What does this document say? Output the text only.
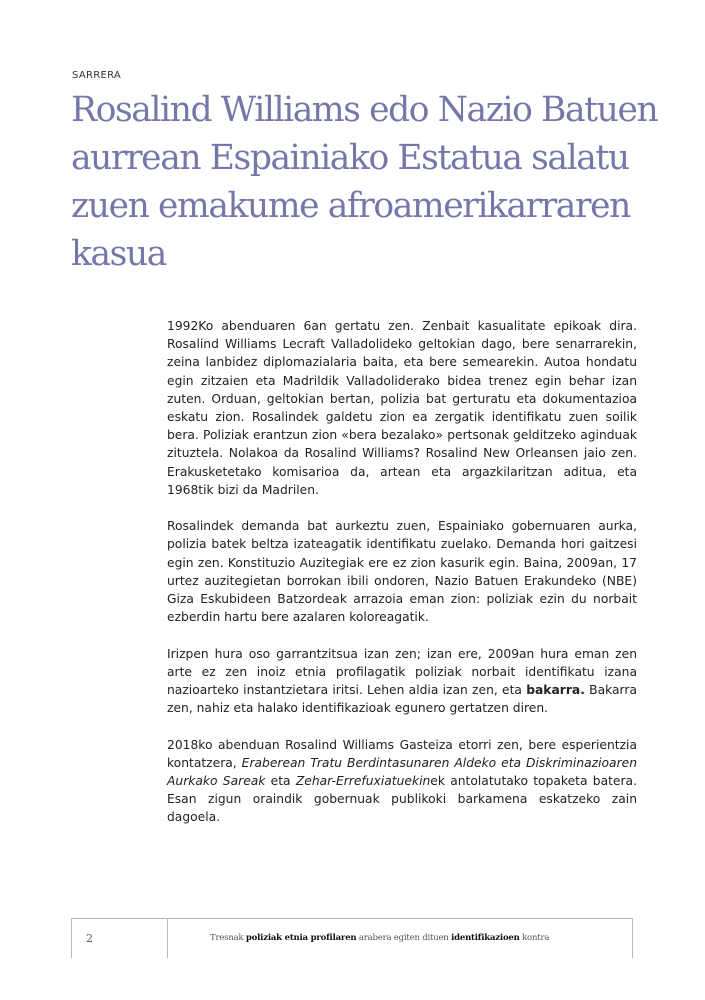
SARRERA
Rosalind Williams edo Nazio Batuen aurrean Espainiako Estatua salatu zuen emakume afroamerikarraren kasua

1992Ko abenduaren 6an gertatu zen. Zenbait kasualitate epikoak dira. Rosalind Williams Lecraft Valladolideko geltokian dago, bere senarrarekin, zeina lanbidez diplomazialaria baita, eta bere semearekin. Autoa hondatu egin zitzaien eta Madrildik Valladoliderako bidea trenez egin behar izan zuten. Orduan, geltokian bertan, polizia bat gerturatu eta dokumentazioa eskatu zion. Rosalindek galdetu zion ea zergatik identifikatu zuen soilik bera. Poliziak erantzun zion «bera bezalako» pertsonak gelditzeko aginduak zituztela. Nolakoa da Rosalind Williams? Rosalind New Orleansen jaio zen. Erakusketetako komisarioa da, artean eta argazkilaritzan aditua, eta 1968tik bizi da Madrilen.

Rosalindek demanda bat aurkeztu zuen, Espainiako gobernuaren aurka, polizia batek beltza izateagatik identifikatu zuelako. Demanda hori gaitzesi egin zen. Konstituzio Auzitegiak ere ez zion kasurik egin. Baina, 2009an, 17 urtez auzitegietan borrokan ibili ondoren, Nazio Batuen Erakundeko (NBE) Giza Eskubideen Batzordeak arrazoia eman zion: poliziak ezin du norbait ezberdin hartu bere azalaren koloreagatik.

Irizpen hura oso garrantzitsua izan zen; izan ere, 2009an hura eman zen arte ez zen inoiz etnia profilagatik poliziak norbait identifikatu izana nazioarteko instantzietara iritsi. Lehen aldia izan zen, eta bakarra. Bakarra zen, nahiz eta halako identifikazioak egunero gertatzen diren.

2018ko abenduan Rosalind Williams Gasteiza etorri zen, bere esperientzia kontatzera, Eraberean Tratu Berdintasunaren Aldeko eta Diskriminazioaren Aurkako Sareak eta Zehar-Errefuxiatuekinek antolatutako topaketa batera. Esan zigun oraindik gobernuak publikoki barkamena eskatzeko zain dagoela.

2	Tresnak poliziak etnia profilaren arabera egiten dituen identifikazioen kontra
